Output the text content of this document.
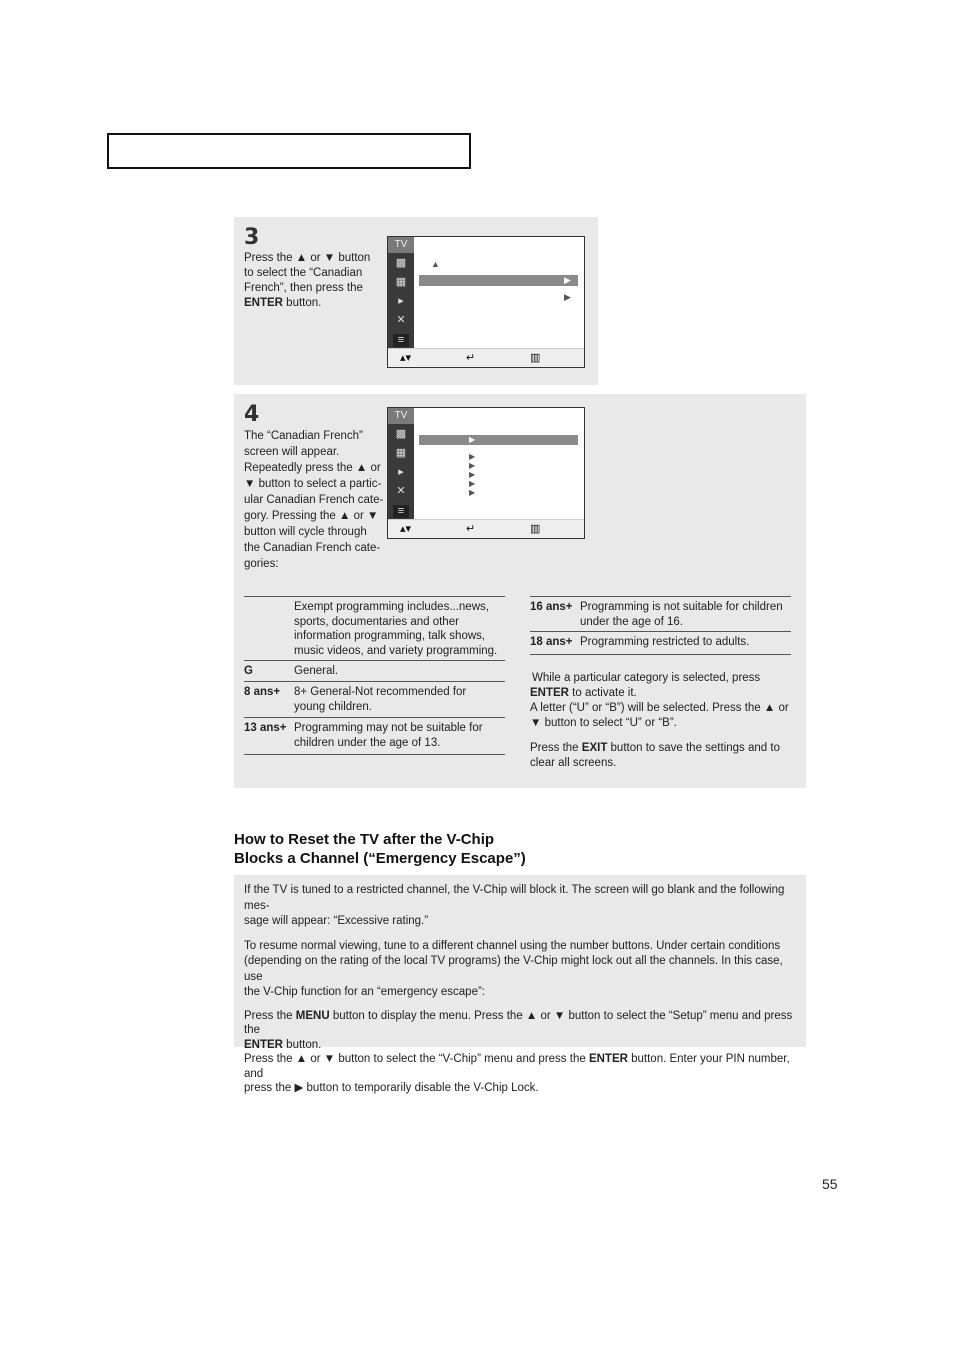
3
Press the ▲ or ▼ button
to select the “Canadian
French”, then press the
ENTER button.
TV
▩
▦
▸
✕
≡
▲
▶
▶
▴▾	↵	▥
4
The “Canadian French”
screen will appear.
Repeatedly press the ▲ or
▼ button to select a partic-
ular Canadian French cate-
gory. Pressing the ▲ or ▼
button will cycle through
the Canadian French cate-
gories:
TV
▩
▦
▸
✕
≡
▶
▶
▶
▶
▶
▶
▴▾	↵	▥
Exempt programming includes...news, sports, documentaries and other information programming, talk shows, music videos, and variety programming.
G	General.
8 ans+ 8+ General-Not recommended for young children.
13 ans+ Programming may not be suitable for children under the age of 13.
16 ans+ Programming is not suitable for children under the age of 16.
18 ans+ Programming restricted to adults.
While a particular category is selected, press
ENTER to activate it.
A letter (“U” or “B”) will be selected. Press the ▲ or
▼ button to select “U” or “B”.
Press the EXIT button to save the settings and to
clear all screens.
How to Reset the TV after the V-Chip
Blocks a Channel (“Emergency Escape”)
If the TV is tuned to a restricted channel, the V-Chip will block it. The screen will go blank and the following mes-
sage will appear: “Excessive rating.”
To resume normal viewing, tune to a different channel using the number buttons. Under certain conditions
(depending on the rating of the local TV programs) the V-Chip might lock out all the channels. In this case, use
the V-Chip function for an “emergency escape”:
Press the MENU button to display the menu. Press the ▲ or ▼ button to select the “Setup” menu and press the
ENTER button.
Press the ▲ or ▼ button to select the “V-Chip” menu and press the ENTER button. Enter your PIN number, and
press the ▶ button to temporarily disable the V-Chip Lock.
55
